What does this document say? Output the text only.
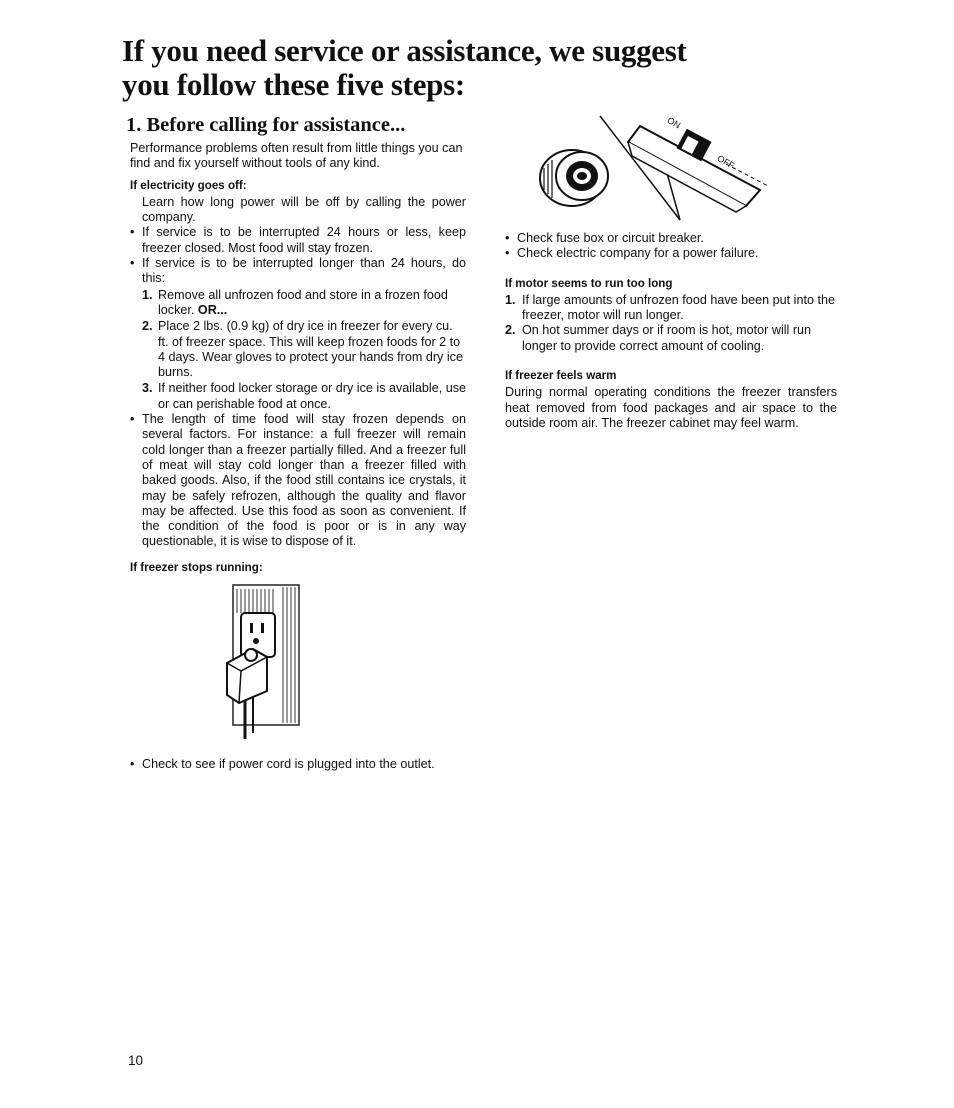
If you need service or assistance, we suggest
you follow these five steps:
1. Before calling for assistance...

Performance problems often result from little things you can find and fix yourself without tools of any kind.

If electricity goes off:

Learn how long power will be off by calling the power company.

• If service is to be interrupted 24 hours or less, keep freezer closed. Most food will stay frozen.

• If service is to be interrupted longer than 24 hours, do this:

1. Remove all unfrozen food and store in a frozen food locker. OR...
2. Place 2 lbs. (0.9 kg) of dry ice in freezer for every cu. ft. of freezer space. This will keep frozen foods for 2 to 4 days. Wear gloves to protect your hands from dry ice burns.
3. If neither food locker storage or dry ice is available, use or can perishable food at once.

• The length of time food will stay frozen depends on several factors. For instance: a full freezer will remain cold longer than a freezer partially filled. And a freezer full of meat will stay cold longer than a freezer filled with baked goods. Also, if the food still contains ice crystals, it may be safely refrozen, although the quality and flavor may be affected. Use this food as soon as convenient. If the condition of the food is poor or is in any way questionable, it is wise to dispose of it.

If freezer stops running:

• Check to see if power cord is plugged into the outlet.

ON
OFF

• Check fuse box or circuit breaker.

• Check electric company for a power failure.

If motor seems to run too long

1. If large amounts of unfrozen food have been put into the freezer, motor will run longer.
2. On hot summer days or if room is hot, motor will run longer to provide correct amount of cooling.

If freezer feels warm

During normal operating conditions the freezer transfers heat removed from food packages and air space to the outside room air. The freezer cabinet may feel warm.

10
